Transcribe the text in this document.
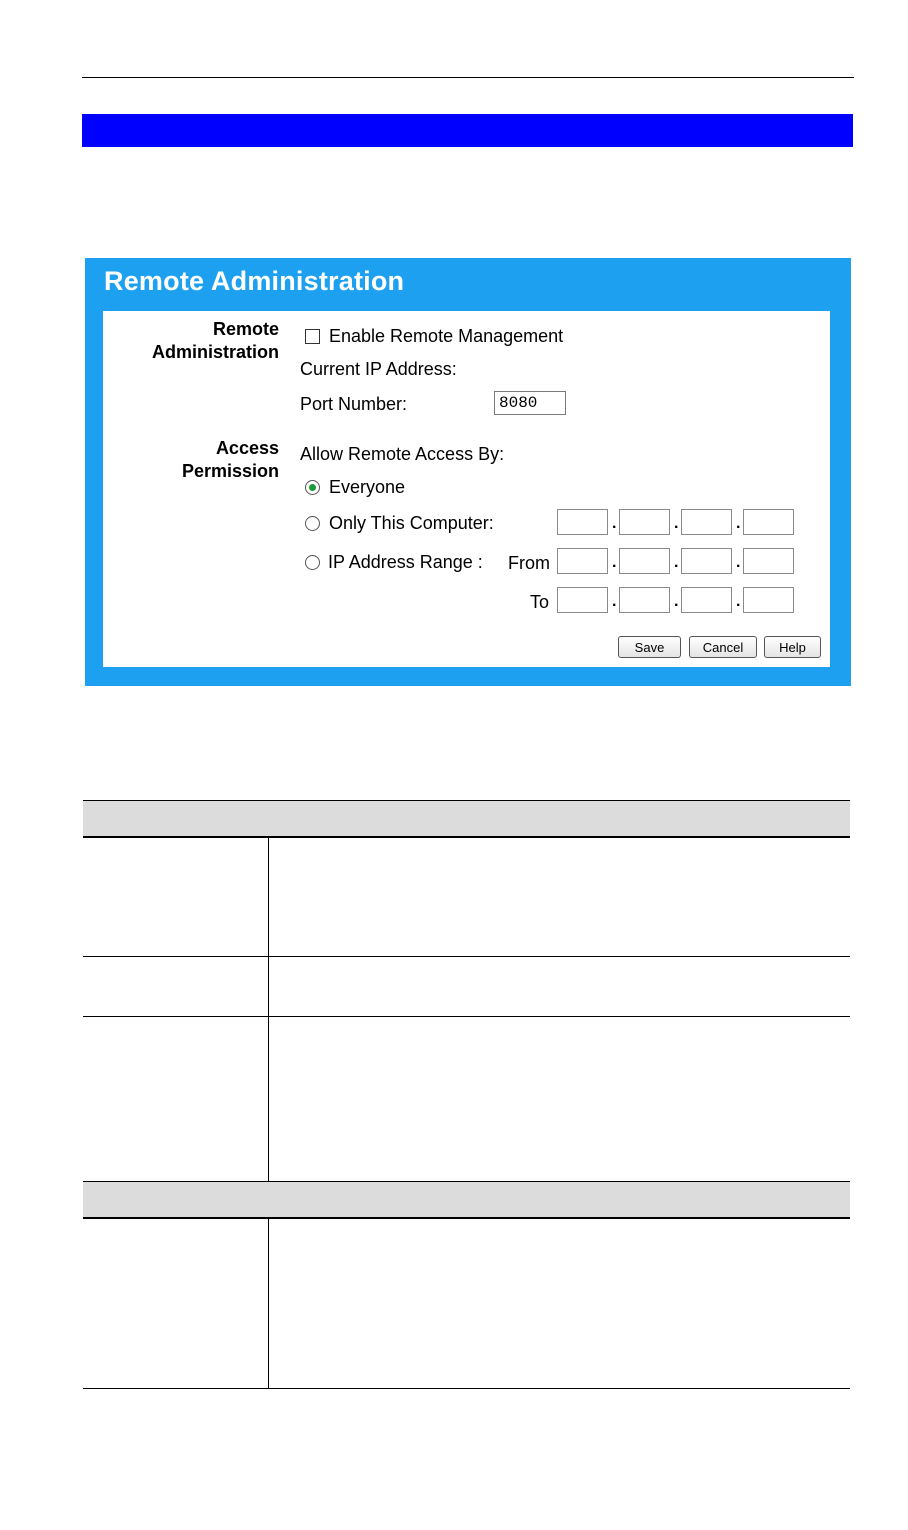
Remote Administration
Remote
Administration
Enable Remote Management
Current IP Address:
Port Number:	8080
Access
Permission
Allow Remote Access By:
Everyone
Only This Computer:	.	.	.
IP Address Range : From	.	.	.
To	.	.	.
Save	Cancel	Help
